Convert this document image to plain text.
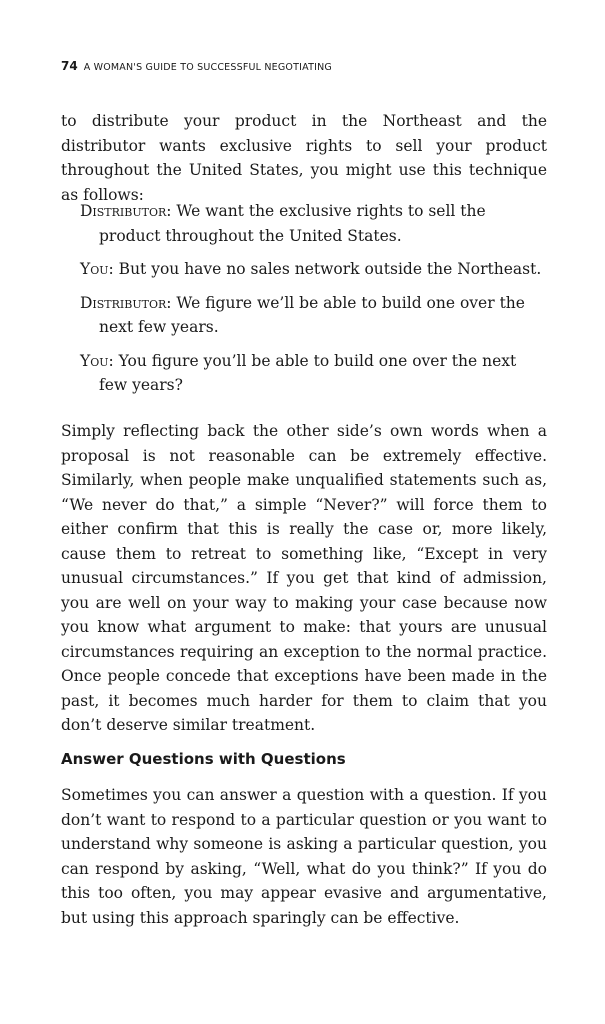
74 A WOMAN'S GUIDE TO SUCCESSFUL NEGOTIATING

to distribute your product in the Northeast and the distributor wants exclusive rights to sell your product throughout the United States, you might use this technique as follows:

Distributor: We want the exclusive rights to sell the product throughout the United States.

You: But you have no sales network outside the Northeast.

Distributor: We figure we’ll be able to build one over the next few years.

You: You figure you’ll be able to build one over the next few years?

Simply reflecting back the other side’s own words when a proposal is not reasonable can be extremely effective. Similarly, when people make unqualified statements such as, “We never do that,” a simple “Never?” will force them to either confirm that this is really the case or, more likely, cause them to retreat to something like, “Except in very unusual circumstances.” If you get that kind of admission, you are well on your way to making your case because now you know what argument to make: that yours are unusual circumstances requiring an exception to the normal practice. Once people concede that exceptions have been made in the past, it becomes much harder for them to claim that you don’t deserve similar treatment.

Answer Questions with Questions

Sometimes you can answer a question with a question. If you don’t want to respond to a particular question or you want to understand why someone is asking a particular question, you can respond by asking, “Well, what do you think?” If you do this too often, you may appear evasive and argumentative, but using this approach sparingly can be effective.
